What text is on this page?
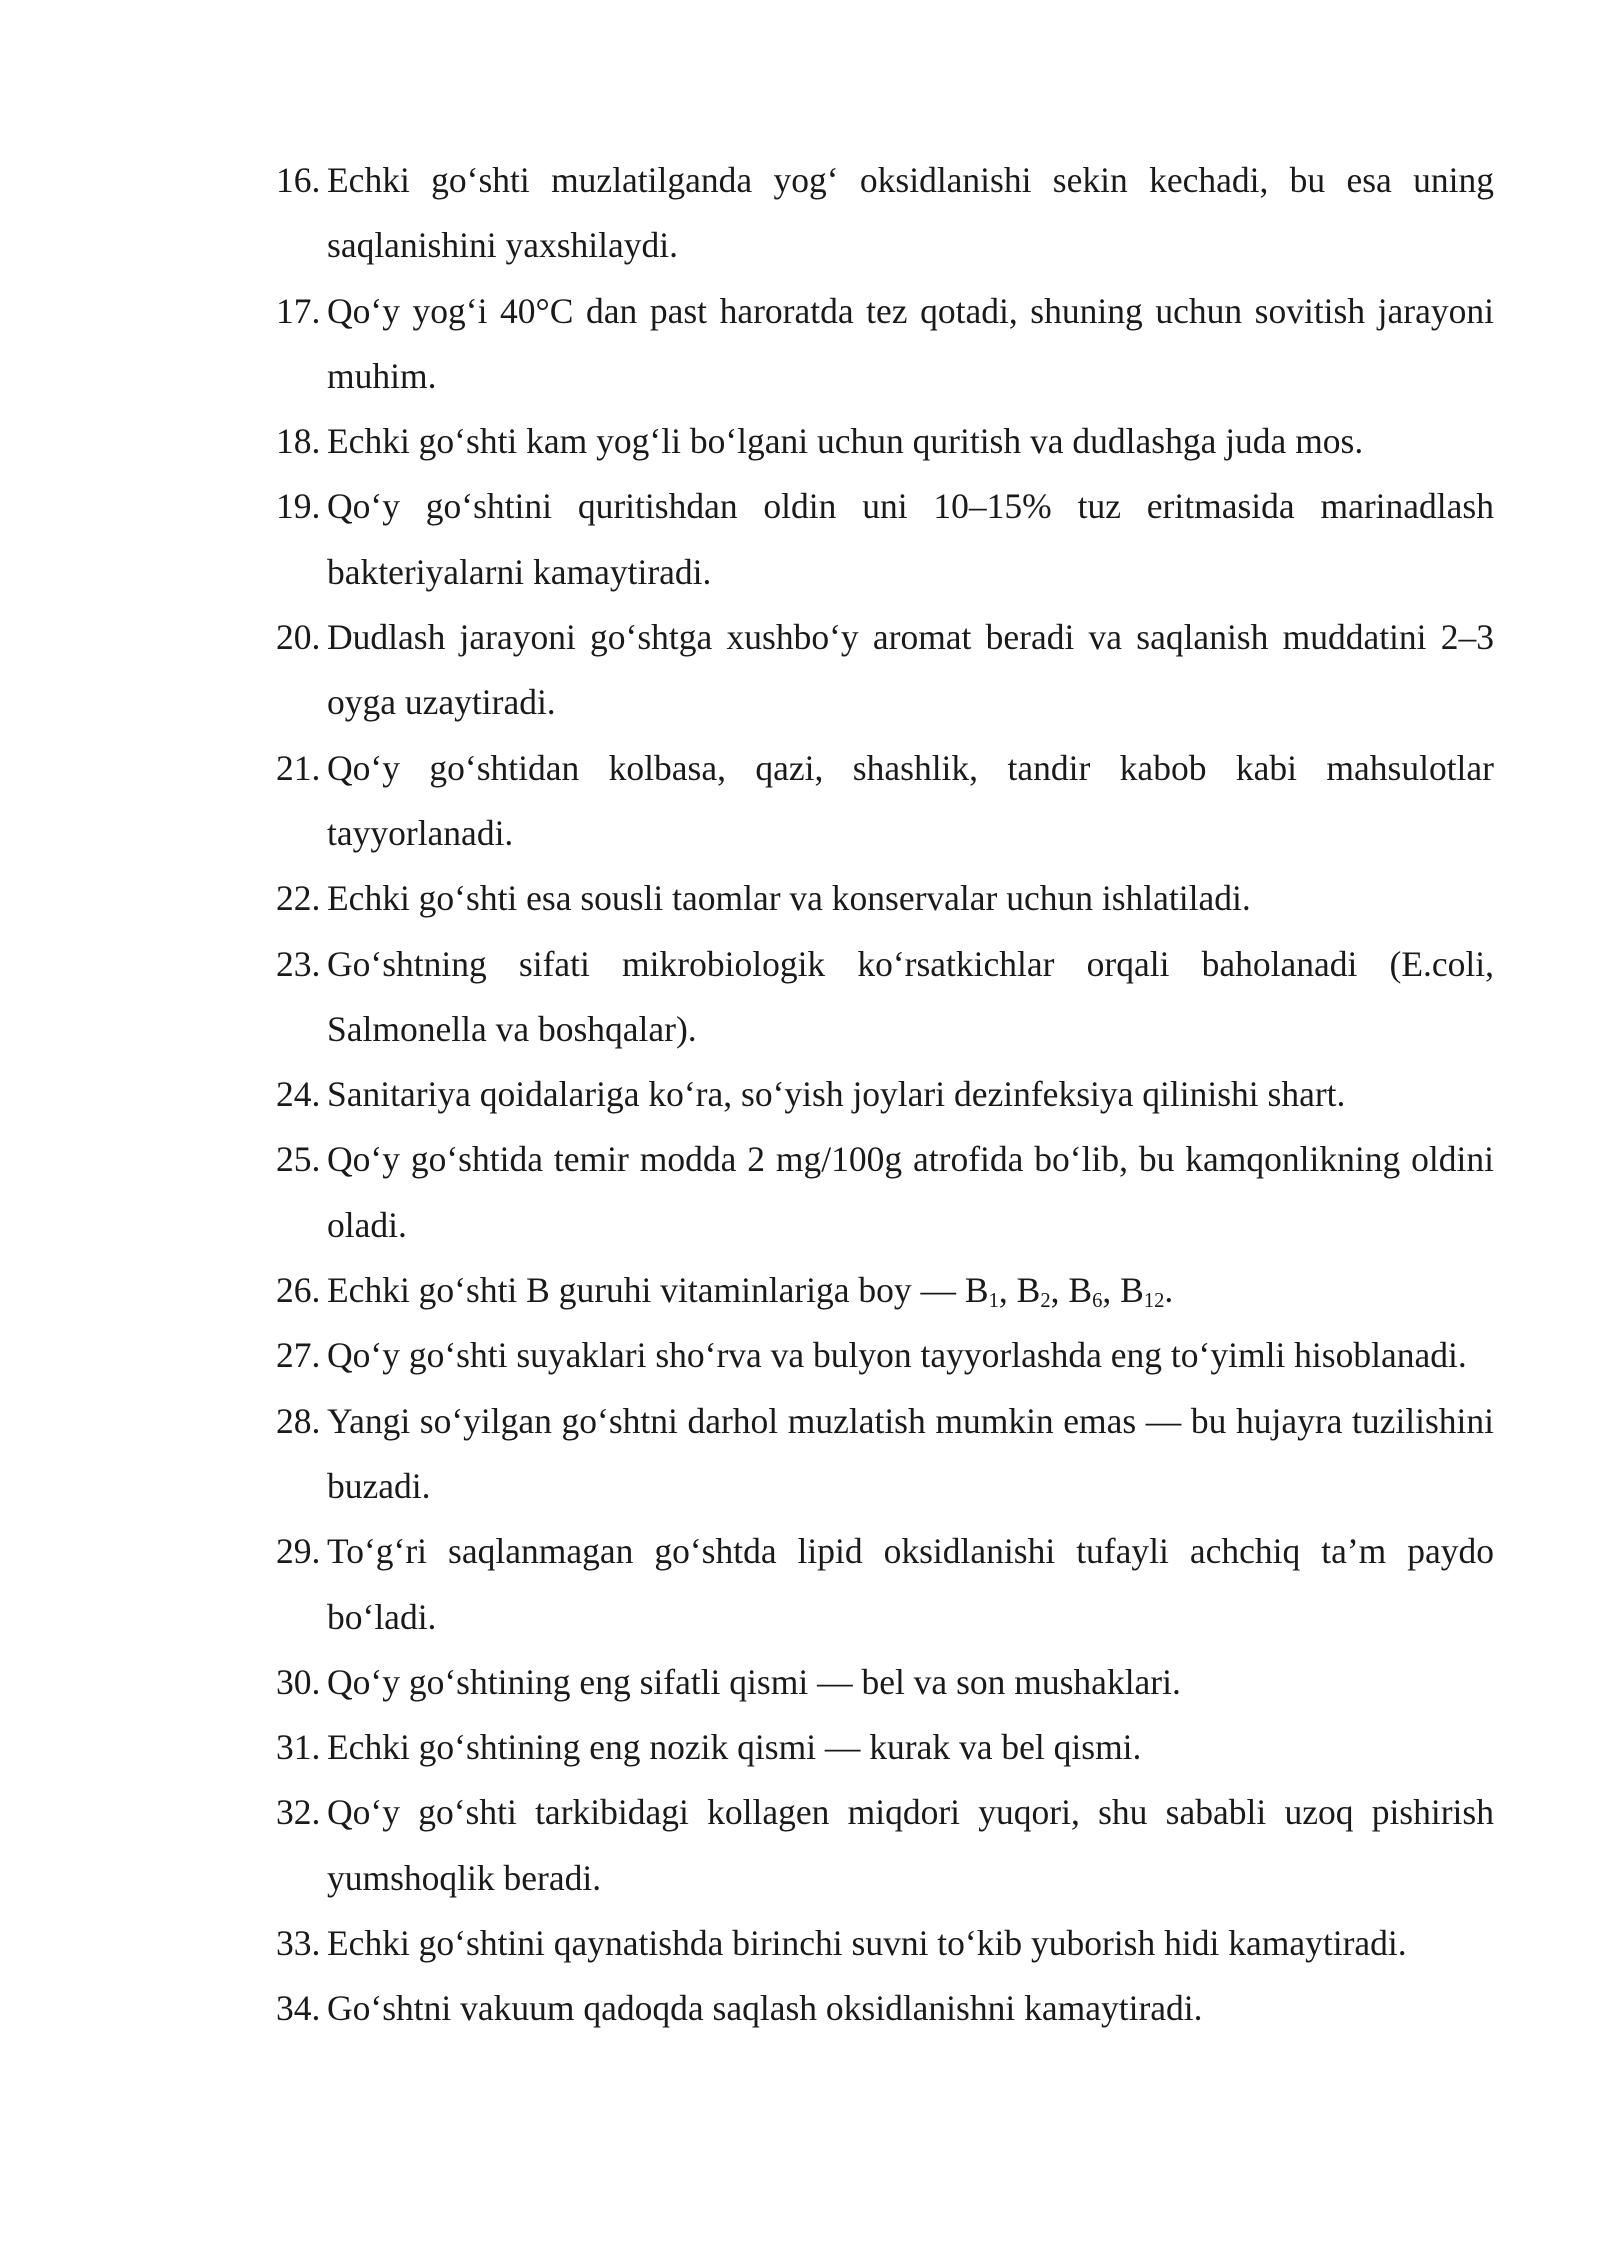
16. Echki go‘shti muzlatilganda yog‘ oksidlanishi sekin kechadi, bu esa uning saqlanishini yaxshilaydi.
17. Qo‘y yog‘i 40°C dan past haroratda tez qotadi, shuning uchun sovitish jarayoni muhim.
18. Echki go‘shti kam yog‘li bo‘lgani uchun quritish va dudlashga juda mos.
19. Qo‘y go‘shtini quritishdan oldin uni 10–15% tuz eritmasida marinadlash bakteriyalarni kamaytiradi.
20. Dudlash jarayoni go‘shtga xushbo‘y aromat beradi va saqlanish muddatini 2–3 oyga uzaytiradi.
21. Qo‘y go‘shtidan kolbasa, qazi, shashlik, tandir kabob kabi mahsulotlar tayyorlanadi.
22. Echki go‘shti esa sousli taomlar va konservalar uchun ishlatiladi.
23. Go‘shtning sifati mikrobiologik ko‘rsatkichlar orqali baholanadi (E.coli, Salmonella va boshqalar).
24. Sanitariya qoidalariga ko‘ra, so‘yish joylari dezinfeksiya qilinishi shart.
25. Qo‘y go‘shtida temir modda 2 mg/100g atrofida bo‘lib, bu kamqonlikning oldini oladi.
26. Echki go‘shti B guruhi vitaminlariga boy — $B_1$, $B_2$, $B_6$, $B_{12}$.
27. Qo‘y go‘shti suyaklari sho‘rva va bulyon tayyorlashda eng to‘yimli hisoblanadi.
28. Yangi so‘yilgan go‘shtni darhol muzlatish mumkin emas — bu hujayra tuzilishini buzadi.
29. To‘g‘ri saqlanmagan go‘shtda lipid oksidlanishi tufayli achchiq ta’m paydo bo‘ladi.
30. Qo‘y go‘shtining eng sifatli qismi — bel va son mushaklari.
31. Echki go‘shtining eng nozik qismi — kurak va bel qismi.
32. Qo‘y go‘shti tarkibidagi kollagen miqdori yuqori, shu sababli uzoq pishirish yumshoqlik beradi.
33. Echki go‘shtini qaynatishda birinchi suvni to‘kib yuborish hidi kamaytiradi.
34. Go‘shtni vakuum qadoqda saqlash oksidlanishni kamaytiradi.
